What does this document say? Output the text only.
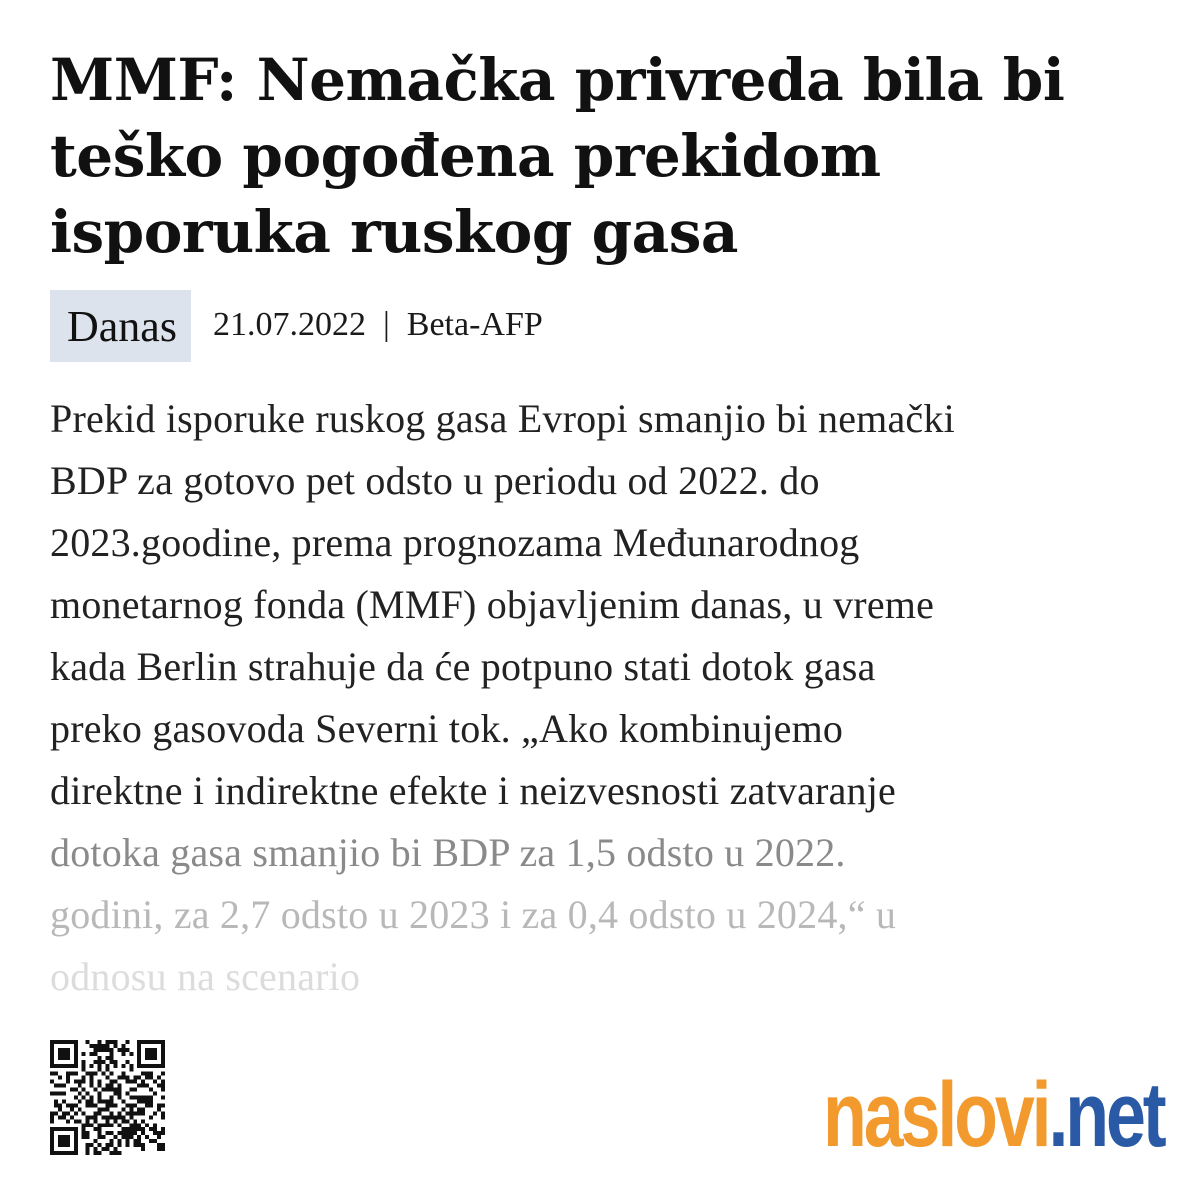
MMF: Nemačka privreda bila bi teško pogođena prekidom isporuka ruskog gasa
Danas	21.07.2022 | Beta-AFP
Prekid isporuke ruskog gasa Evropi smanjio bi nemački
BDP za gotovo pet odsto u periodu od 2022. do
2023.goodine, prema prognozama Međunarodnog
monetarnog fonda (MMF) objavljenim danas, u vreme
kada Berlin strahuje da će potpuno stati dotok gasa
preko gasovoda Severni tok. „Ako kombinujemo
direktne i indirektne efekte i neizvesnosti zatvaranje
dotoka gasa smanjio bi BDP za 1,5 odsto u 2022.
godini, za 2,7 odsto u 2023 i za 0,4 odsto u 2024,“ u
odnosu na scenario
naslovi .net
